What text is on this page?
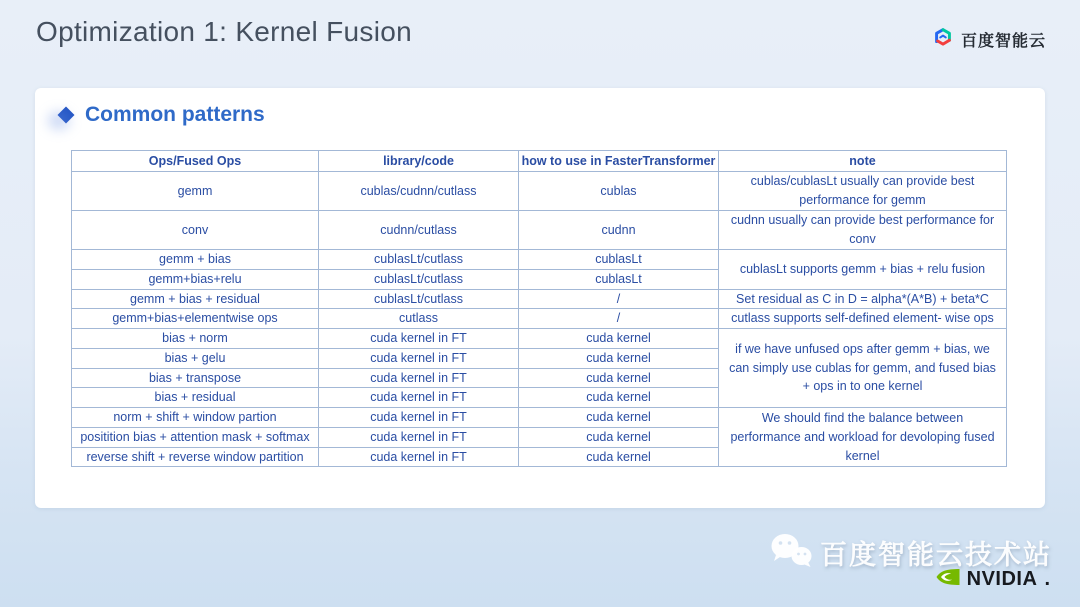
Optimization 1: Kernel Fusion	百度智能云
Common patterns
Ops/Fused Ops	library/code	how to use in FasterTransformer	note
gemm	cublas/cudnn/cutlass	cublas	cublas/cublasLt usually can provide best performance for gemm
conv	cudnn/cutlass	cudnn	cudnn usually can provide best performance for conv
gemm + bias	cublasLt/cutlass	cublasLt	cublasLt supports gemm + bias + relu fusion
gemm+bias+relu	cublasLt/cutlass	cublasLt	
gemm + bias + residual	cublasLt/cutlass	/	Set residual as C in D = alpha*(A*B) + beta*C
gemm+bias+elementwise ops	cutlass	/	cutlass supports self-defined element- wise ops
bias + norm	cuda kernel in FT	cuda kernel	if we have unfused ops after gemm + bias, we can simply use cublas for gemm, and fused bias + ops in to one kernel
bias + gelu	cuda kernel in FT	cuda kernel	
bias + transpose	cuda kernel in FT	cuda kernel	
bias + residual	cuda kernel in FT	cuda kernel	
norm + shift + window partion	cuda kernel in FT	cuda kernel	We should find the balance between performance and workload for devoloping fused kernel
positition bias + attention mask + softmax	cuda kernel in FT	cuda kernel	
reverse shift + reverse window partition	cuda kernel in FT	cuda kernel	
百度智能云技术站
NVIDIA .
